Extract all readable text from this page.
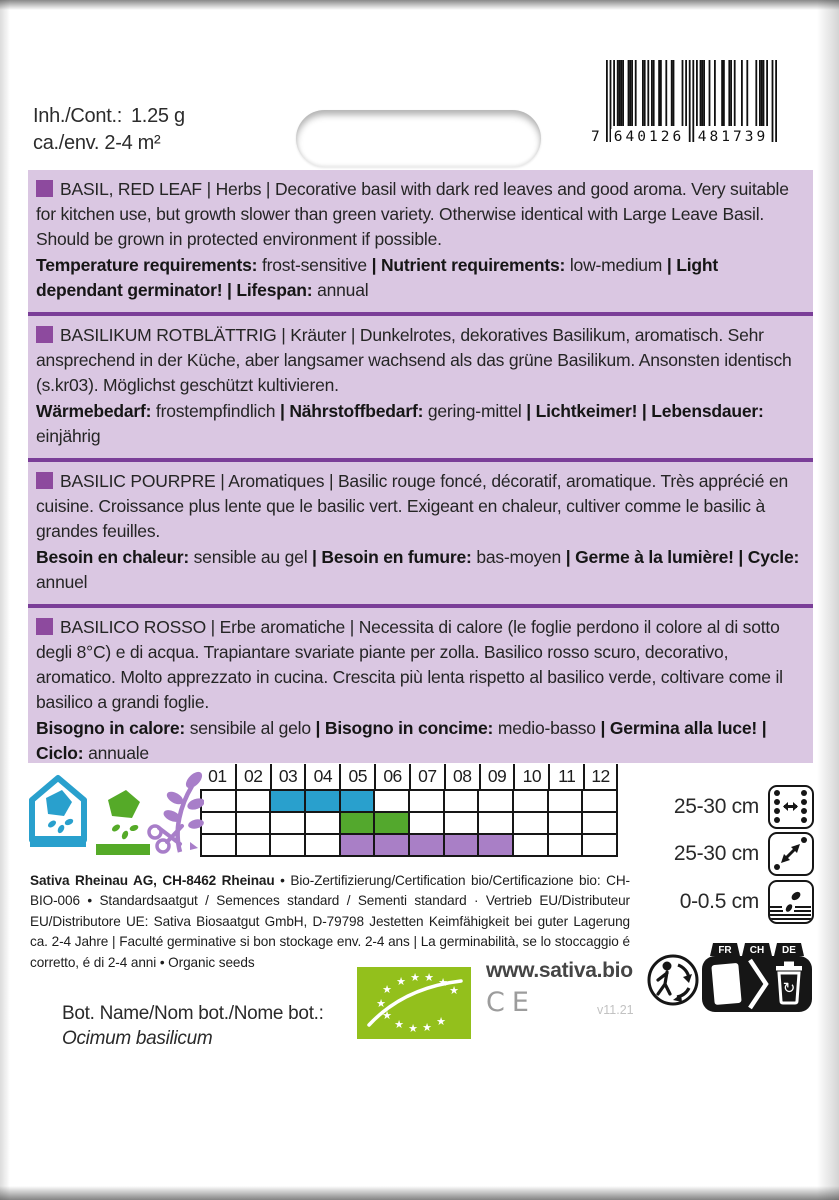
Inh./Cont.: 1.25 g
ca./env. 2-4 m²	7 640126 481739

BASIL, RED LEAF | Herbs | Decorative basil with dark red leaves and good aroma. Very suitable for kitchen use, but growth slower than green variety. Otherwise identical with Large Leave Basil. Should be grown in protected environment if possible.

Temperature requirements: frost-sensitive | Nutrient requirements: low-medium | Light dependant germinator! | Lifespan: annual

BASILIKUM ROTBLÄTTRIG | Kräuter | Dunkelrotes, dekoratives Basilikum, aromatisch. Sehr ansprechend in der Küche, aber langsamer wachsend als das grüne Basilikum. Ansonsten identisch (s.kr03). Möglichst geschützt kultivieren.

Wärmebedarf: frostempfindlich | Nährstoffbedarf: gering-mittel | Lichtkeimer! | Lebensdauer: einjährig

BASILIC POURPRE | Aromatiques | Basilic rouge foncé, décoratif, aromatique. Très apprécié en cuisine. Croissance plus lente que le basilic vert. Exigeant en chaleur, cultiver comme le basilic à grandes feuilles.

Besoin en chaleur: sensible au gel | Besoin en fumure: bas-moyen | Germe à la lumière! | Cycle: annuel

BASILICO ROSSO | Erbe aromatiche | Necessita di calore (le foglie perdono il colore al di sotto degli 8°C) e di acqua. Trapiantare svariate piante per zolla. Basilico rosso scuro, decorativo, aromatico. Molto apprezzato in cucina. Crescita più lenta rispetto al basilico verde, coltivare come il basilico a grandi foglie.

Bisogno in calore: sensibile al gelo | Bisogno in concime: medio-basso | Germina alla luce! | Ciclo: annuale

01 02 03 04 05 06 07 08 09 10 11 12
25-30 cm
25-30 cm
0-0.5 cm

Sativa Rheinau AG, CH-8462 Rheinau • Bio-Zertifizierung/Certification bio/Certificazione bio: CH-BIO-006 • Standardsaatgut / Semences standard / Sementi standard · Vertrieb EU/Distributeur EU/Distributore UE: Sativa Biosaatgut GmbH, D-79798 Jestetten Keimfähigkeit bei guter Lagerung ca. 2-4 Jahre | Faculté germinative si bon stockage env. 2-4 ans | La germinabilità, se lo stoccaggio é corretto, é di 2-4 anni • Organic seeds

Bot. Name/Nom bot./Nome bot.:
Ocimum basilicum
★
★ ★ ★ ★
★
★
★
★ ★ ★ ★
www.sativa.bio
CE	v11.21
FR CH DE
↻
